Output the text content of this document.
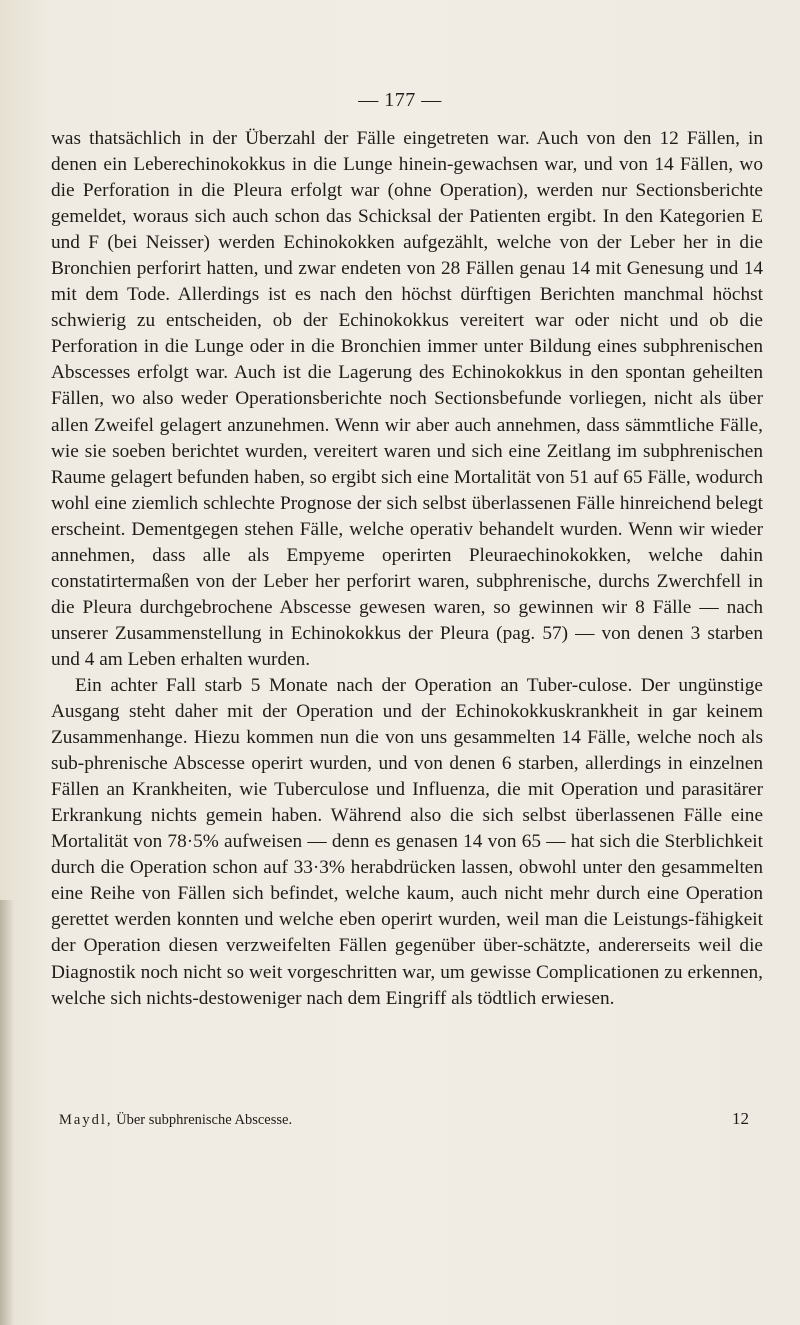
— 177 —

was thatsächlich in der Überzahl der Fälle eingetreten war. Auch von den 12 Fällen, in denen ein Leberechinokokkus in die Lunge hinein-gewachsen war, und von 14 Fällen, wo die Perforation in die Pleura erfolgt war (ohne Operation), werden nur Sectionsberichte gemeldet, woraus sich auch schon das Schicksal der Patienten ergibt. In den Kategorien E und F (bei Neisser) werden Echinokokken aufgezählt, welche von der Leber her in die Bronchien perforirt hatten, und zwar endeten von 28 Fällen genau 14 mit Genesung und 14 mit dem Tode. Allerdings ist es nach den höchst dürftigen Berichten manchmal höchst schwierig zu entscheiden, ob der Echinokokkus vereitert war oder nicht und ob die Perforation in die Lunge oder in die Bronchien immer unter Bildung eines subphrenischen Abscesses erfolgt war. Auch ist die Lagerung des Echinokokkus in den spontan geheilten Fällen, wo also weder Operationsberichte noch Sectionsbefunde vorliegen, nicht als über allen Zweifel gelagert anzunehmen. Wenn wir aber auch annehmen, dass sämmtliche Fälle, wie sie soeben berichtet wurden, vereitert waren und sich eine Zeitlang im subphrenischen Raume gelagert befunden haben, so ergibt sich eine Mortalität von 51 auf 65 Fälle, wodurch wohl eine ziemlich schlechte Prognose der sich selbst überlassenen Fälle hinreichend belegt erscheint. Dementgegen stehen Fälle, welche operativ behandelt wurden. Wenn wir wieder annehmen, dass alle als Empyeme operirten Pleuraechinokokken, welche dahin constatirtermaßen von der Leber her perforirt waren, subphrenische, durchs Zwerchfell in die Pleura durchgebrochene Abscesse gewesen waren, so gewinnen wir 8 Fälle — nach unserer Zusammenstellung in Echinokokkus der Pleura (pag. 57) — von denen 3 starben und 4 am Leben erhalten wurden.

Ein achter Fall starb 5 Monate nach der Operation an Tuber-culose. Der ungünstige Ausgang steht daher mit der Operation und der Echinokokkuskrankheit in gar keinem Zusammenhange. Hiezu kommen nun die von uns gesammelten 14 Fälle, welche noch als sub-phrenische Abscesse operirt wurden, und von denen 6 starben, allerdings in einzelnen Fällen an Krankheiten, wie Tuberculose und Influenza, die mit Operation und parasitärer Erkrankung nichts gemein haben. Während also die sich selbst überlassenen Fälle eine Mortalität von 78·5% aufweisen — denn es genasen 14 von 65 — hat sich die Sterblichkeit durch die Operation schon auf 33·3% herabdrücken lassen, obwohl unter den gesammelten eine Reihe von Fällen sich befindet, welche kaum, auch nicht mehr durch eine Operation gerettet werden konnten und welche eben operirt wurden, weil man die Leistungs-fähigkeit der Operation diesen verzweifelten Fällen gegenüber über-schätzte, andererseits weil die Diagnostik noch nicht so weit vorgeschritten war, um gewisse Complicationen zu erkennen, welche sich nichts-destoweniger nach dem Eingriff als tödtlich erwiesen.

Maydl, Über subphrenische Abscesse.	12
